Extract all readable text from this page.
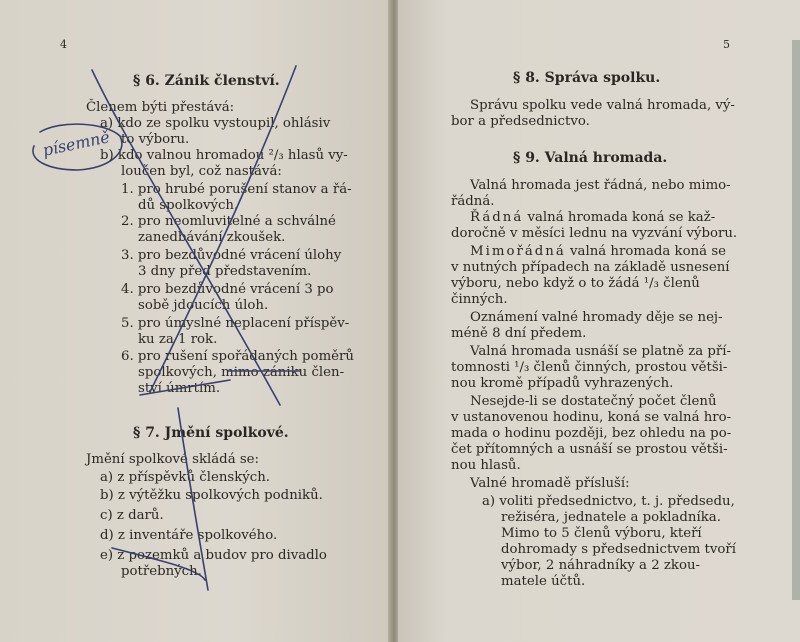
4
§ 6. Zánik členství.
Členem býti přestává:
a) kdo ze spolku vystoupil, ohlásiv
to výboru.
b) kdo valnou hromadou ²/₃ hlasů vy-
loučen byl, což nastává:
1. pro hrubé porušení stanov a řá-
dů spolkových.
2. pro neomluvitelné a schválné
zanedbávání zkoušek.
3. pro bezdůvodné vrácení úlohy
3 dny před představením.
4. pro bezdůvodné vrácení 3 po
sobě jdoucích úloh.
5. pro úmyslné neplacení příspěv-
ku za 1 rok.
6. pro rušení spořádaných poměrů
spolkových, mimo zániku člen-
ství úmrtím.
§ 7. Jmění spolkové.
Jmění spolkové skládá se:
a) z příspěvků členských.
b) z výtěžku spolkových podniků.
c) z darů.
d) z inventáře spolkového.
e) z pozemků a budov pro divadlo
potřebných.
písemně
5
§ 8. Správa spolku.
Správu spolku vede valná hromada, vý-
bor a předsednictvo.
§ 9. Valná hromada.
Valná hromada jest řádná, nebo mimo-
řádná.
Řádná valná hromada koná se kaž-
doročně v měsíci lednu na vyzvání výboru.
Mimořádná valná hromada koná se
v nutných případech na základě usnesení
výboru, nebo když o to žádá ¹/₃ členů
činných.
Oznámení valné hromady děje se nej-
méně 8 dní předem.
Valná hromada usnáší se platně za pří-
tomnosti ¹/₃ členů činných, prostou větši-
nou kromě případů vyhrazených.
Nesejde-li se dostatečný počet členů
v ustanovenou hodinu, koná se valná hro-
mada o hodinu později, bez ohledu na po-
čet přítomných a usnáší se prostou větši-
nou hlasů.
Valné hromadě přísluší:
a) voliti předsednictvo, t. j. předsedu,
režiséra, jednatele a pokladníka.
Mimo to 5 členů výboru, kteří
dohromady s předsednictvem tvoří
výbor, 2 náhradníky a 2 zkou-
matele účtů.
